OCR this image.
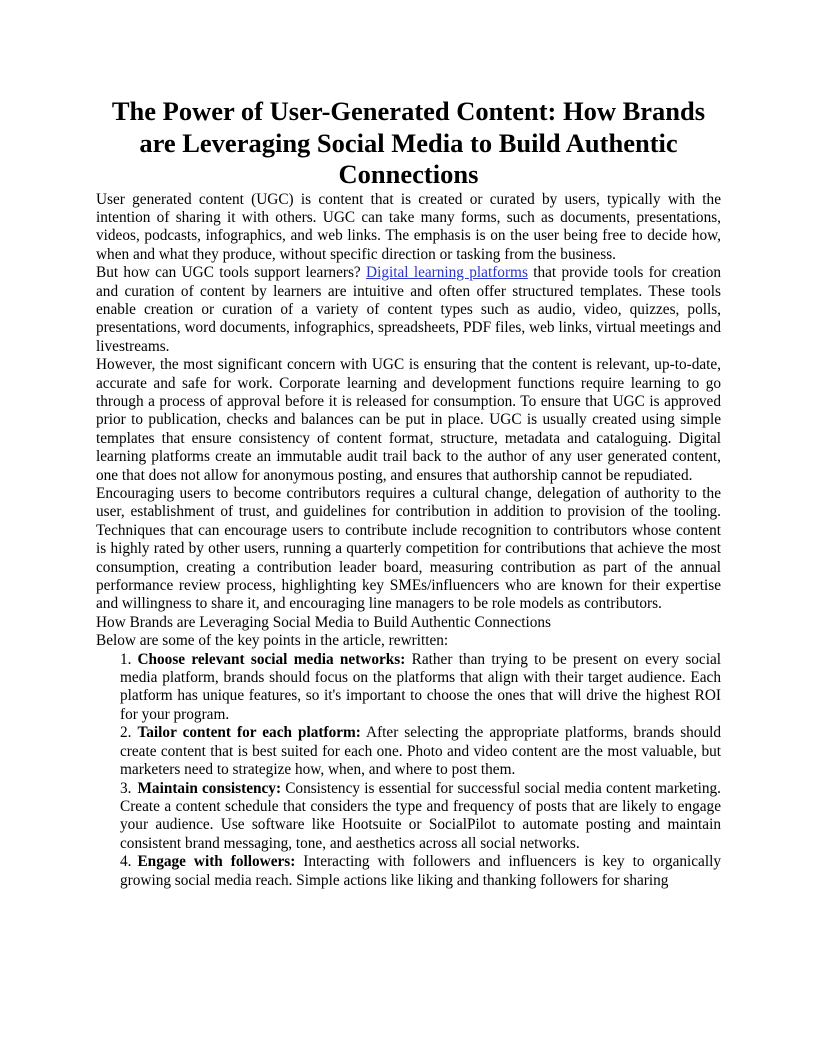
The Power of User-Generated Content: How Brands are Leveraging Social Media to Build Authentic Connections

User generated content (UGC) is content that is created or curated by users, typically with the intention of sharing it with others. UGC can take many forms, such as documents, presentations, videos, podcasts, infographics, and web links. The emphasis is on the user being free to decide how, when and what they produce, without specific direction or tasking from the business.

But how can UGC tools support learners? Digital learning platforms that provide tools for creation and curation of content by learners are intuitive and often offer structured templates. These tools enable creation or curation of a variety of content types such as audio, video, quizzes, polls, presentations, word documents, infographics, spreadsheets, PDF files, web links, virtual meetings and livestreams.

However, the most significant concern with UGC is ensuring that the content is relevant, up-to-date, accurate and safe for work. Corporate learning and development functions require learning to go through a process of approval before it is released for consumption. To ensure that UGC is approved prior to publication, checks and balances can be put in place. UGC is usually created using simple templates that ensure consistency of content format, structure, metadata and cataloguing. Digital learning platforms create an immutable audit trail back to the author of any user generated content, one that does not allow for anonymous posting, and ensures that authorship cannot be repudiated.

Encouraging users to become contributors requires a cultural change, delegation of authority to the user, establishment of trust, and guidelines for contribution in addition to provision of the tooling. Techniques that can encourage users to contribute include recognition to contributors whose content is highly rated by other users, running a quarterly competition for contributions that achieve the most consumption, creating a contribution leader board, measuring contribution as part of the annual performance review process, highlighting key SMEs/influencers who are known for their expertise and willingness to share it, and encouraging line managers to be role models as contributors.

How Brands are Leveraging Social Media to Build Authentic Connections

Below are some of the key points in the article, rewritten:

1. Choose relevant social media networks: Rather than trying to be present on every social media platform, brands should focus on the platforms that align with their target audience. Each platform has unique features, so it's important to choose the ones that will drive the highest ROI for your program.
2. Tailor content for each platform: After selecting the appropriate platforms, brands should create content that is best suited for each one. Photo and video content are the most valuable, but marketers need to strategize how, when, and where to post them.
3. Maintain consistency: Consistency is essential for successful social media content marketing. Create a content schedule that considers the type and frequency of posts that are likely to engage your audience. Use software like Hootsuite or SocialPilot to automate posting and maintain consistent brand messaging, tone, and aesthetics across all social networks.
4. Engage with followers: Interacting with followers and influencers is key to organically growing social media reach. Simple actions like liking and thanking followers for sharing
